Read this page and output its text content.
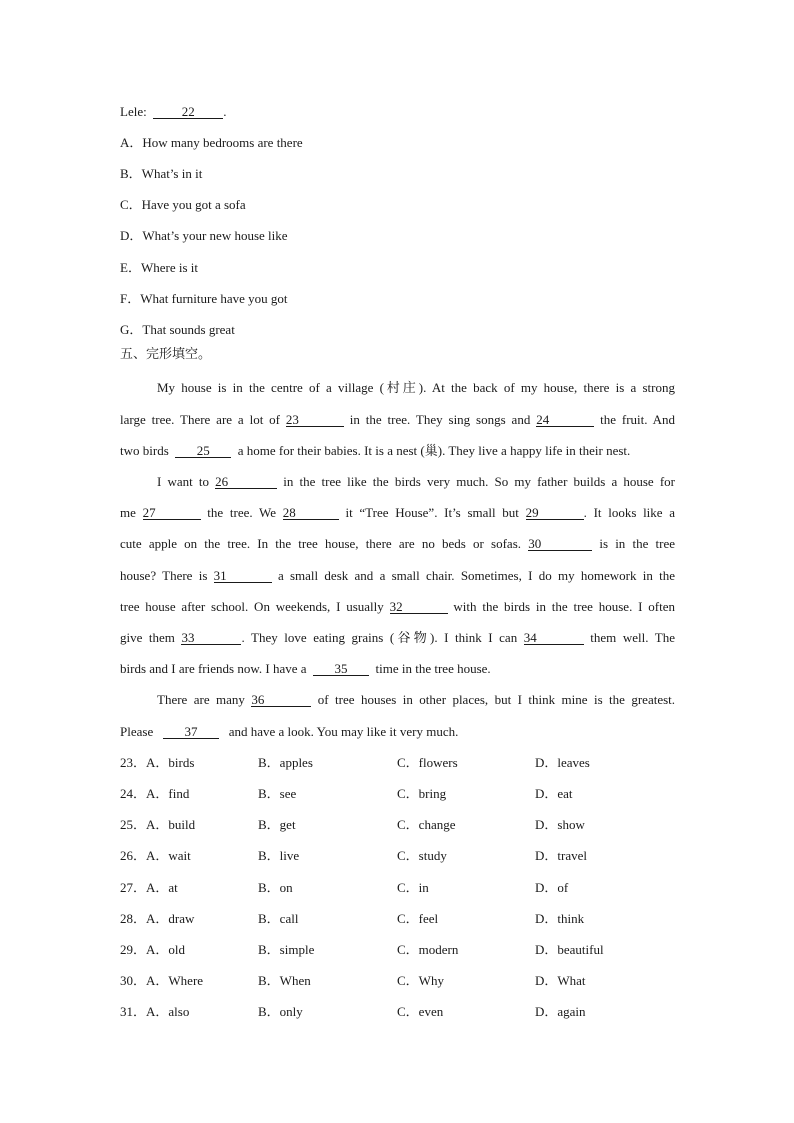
Lele:	22 .
A．How many bedrooms are there
B．What’s in it
C．Have you got a sofa
D．What’s your new house like
E．Where is it
F．What furniture have you got
G．That sounds great
五、完形填空。
My house is in the centre of a village (村庄). At the back of my house, there is a strong
large tree. There are a lot of 23	in the tree. They sing songs and 24	the fruit. And
two birds 25 a home for their babies. It is a nest (巢). They live a happy life in their nest.
I want to 26	in the tree like the birds very much. So my father builds a house for
me 27	the tree. We 28	it “Tree House”. It’s small but 29	. It looks like a
cute apple on the tree. In the tree house, there are no beds or sofas. 30	is in the tree
house? There is 31	a small desk and a small chair. Sometimes, I do my homework in the
tree house after school. On weekends, I usually 32	with the birds in the tree house. I often
give them 33	. They love eating grains (谷物). I think I can 34	them well. The
birds and I are friends now. I have a 35 time in the tree house.
There are many 36	of tree houses in other places, but I think mine is the greatest.
Please 37 and have a look. You may like it very much.
23．A．birds	B．apples	C．flowers	D．leaves
24．A．find	B．see	C．bring	D．eat
25．A．build	B．get	C．change	D．show
26．A．wait	B．live	C．study	D．travel
27．A．at	B．on	C．in	D．of
28．A．draw	B．call	C．feel	D．think
29．A．old	B．simple	C．modern	D．beautiful
30．A．Where	B．When	C．Why	D．What
31．A．also	B．only	C．even	D．again
